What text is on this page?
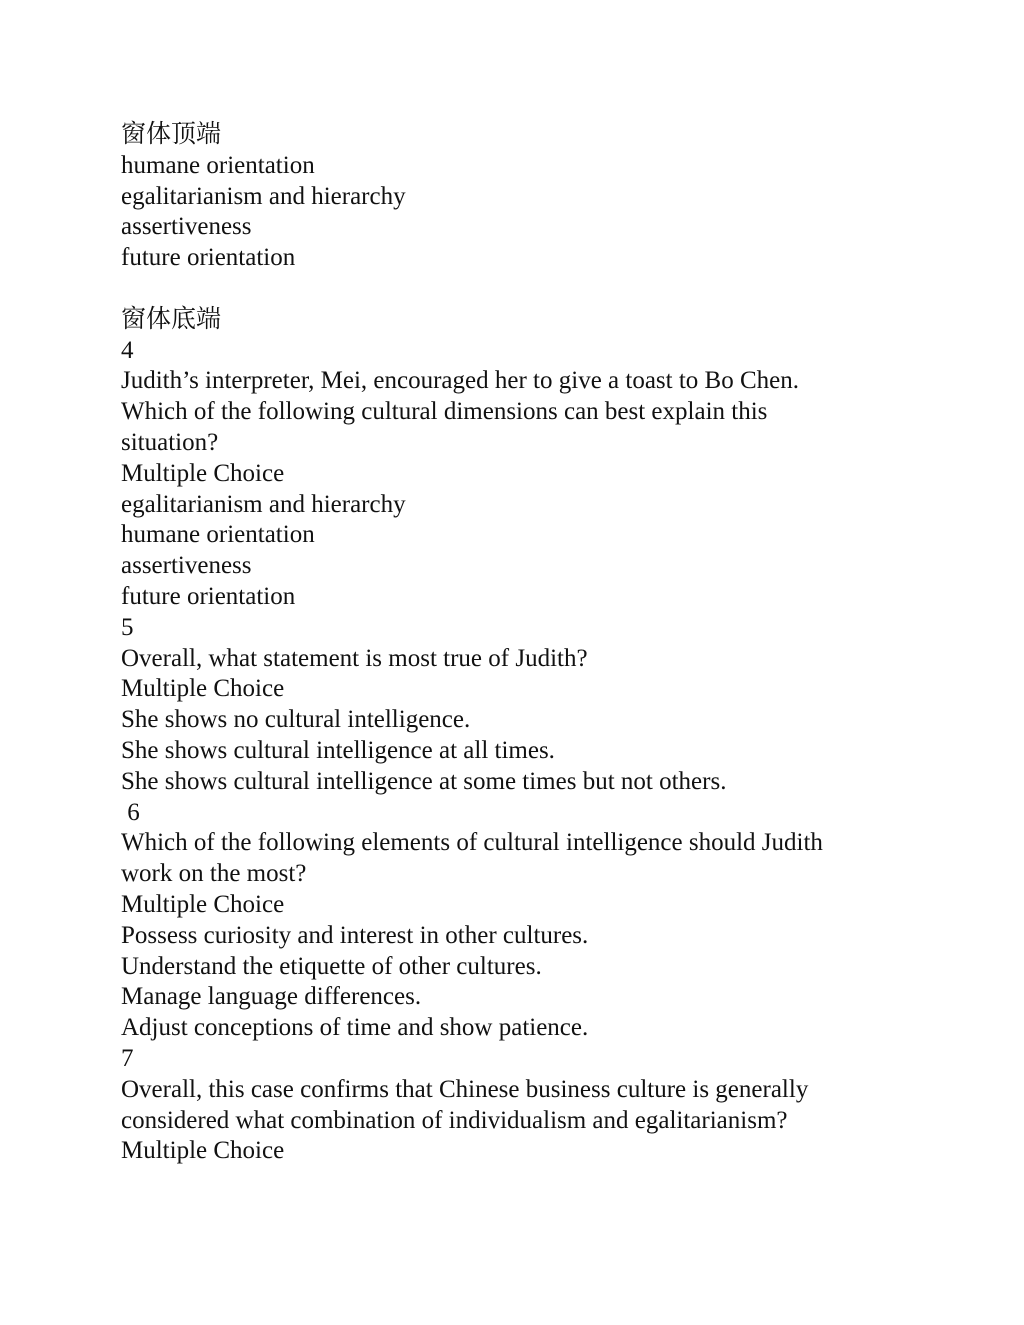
窗体顶端
humane orientation
egalitarianism and hierarchy
assertiveness
future orientation
窗体底端
4
Judith’s interpreter, Mei, encouraged her to give a toast to Bo Chen.
Which of the following cultural dimensions can best explain this
situation?
Multiple Choice
egalitarianism and hierarchy
humane orientation
assertiveness
future orientation
5
Overall, what statement is most true of Judith?
Multiple Choice
She shows no cultural intelligence.
She shows cultural intelligence at all times.
She shows cultural intelligence at some times but not others.
6
Which of the following elements of cultural intelligence should Judith
work on the most?
Multiple Choice
Possess curiosity and interest in other cultures.
Understand the etiquette of other cultures.
Manage language differences.
Adjust conceptions of time and show patience.
7
Overall, this case confirms that Chinese business culture is generally
considered what combination of individualism and egalitarianism?
Multiple Choice
